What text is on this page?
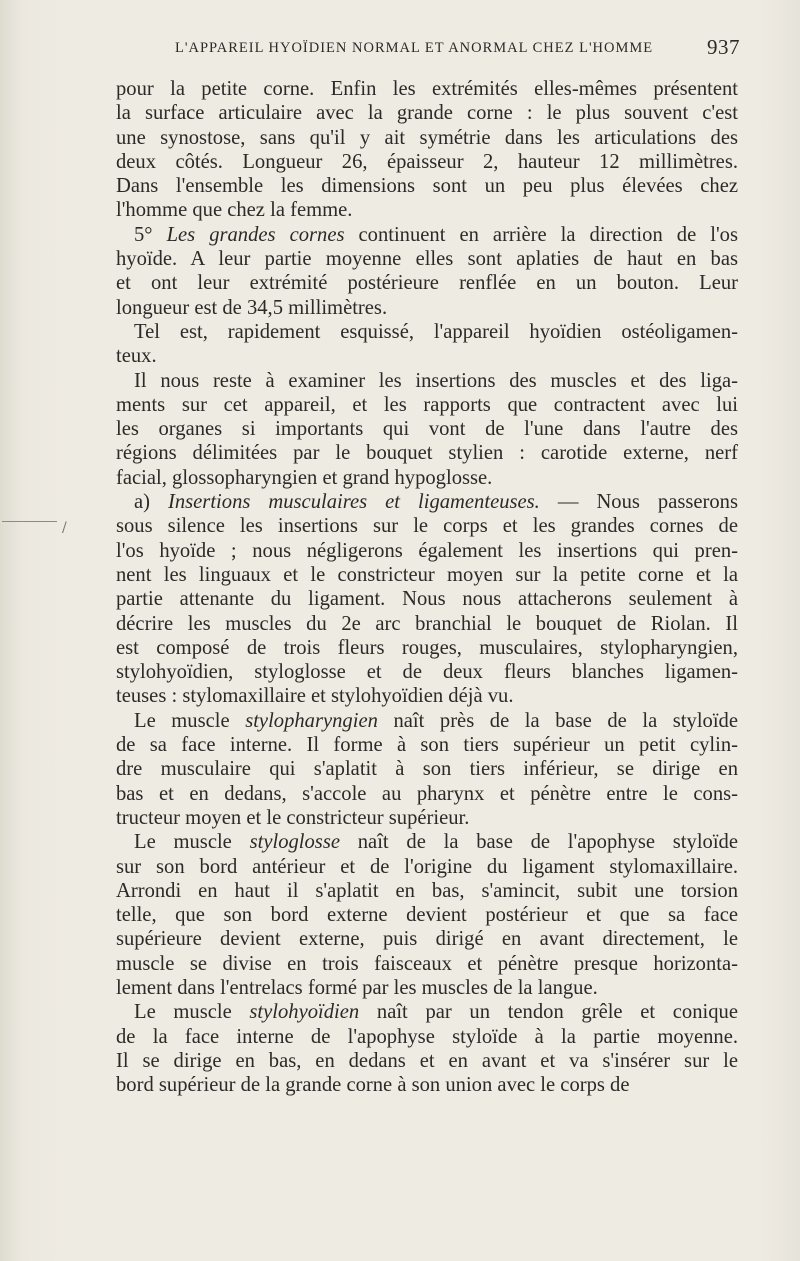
L'APPAREIL HYOÏDIEN NORMAL ET ANORMAL CHEZ L'HOMME	937
/
pour la petite corne. Enfin les extrémités elles-mêmes présentent
la surface articulaire avec la grande corne : le plus souvent c'est
une synostose, sans qu'il y ait symétrie dans les articulations des
deux côtés. Longueur 26, épaisseur 2, hauteur 12 millimètres.
Dans l'ensemble les dimensions sont un peu plus élevées chez
l'homme que chez la femme.
5° Les grandes cornes continuent en arrière la direction de l'os
hyoïde. A leur partie moyenne elles sont aplaties de haut en bas
et ont leur extrémité postérieure renflée en un bouton. Leur
longueur est de 34,5 millimètres.
Tel est, rapidement esquissé, l'appareil hyoïdien ostéoligamen-
teux.
Il nous reste à examiner les insertions des muscles et des liga-
ments sur cet appareil, et les rapports que contractent avec lui
les organes si importants qui vont de l'une dans l'autre des
régions délimitées par le bouquet stylien : carotide externe, nerf
facial, glossopharyngien et grand hypoglosse.
a) Insertions musculaires et ligamenteuses. — Nous passerons
sous silence les insertions sur le corps et les grandes cornes de
l'os hyoïde ; nous négligerons également les insertions qui pren-
nent les linguaux et le constricteur moyen sur la petite corne et la
partie attenante du ligament. Nous nous attacherons seulement à
décrire les muscles du 2e arc branchial le bouquet de Riolan. Il
est composé de trois fleurs rouges, musculaires, stylopharyngien,
stylohyoïdien, styloglosse et de deux fleurs blanches ligamen-
teuses : stylomaxillaire et stylohyoïdien déjà vu.
Le muscle stylopharyngien naît près de la base de la styloïde
de sa face interne. Il forme à son tiers supérieur un petit cylin-
dre musculaire qui s'aplatit à son tiers inférieur, se dirige en
bas et en dedans, s'accole au pharynx et pénètre entre le cons-
tructeur moyen et le constricteur supérieur.
Le muscle styloglosse naît de la base de l'apophyse styloïde
sur son bord antérieur et de l'origine du ligament stylomaxillaire.
Arrondi en haut il s'aplatit en bas, s'amincit, subit une torsion
telle, que son bord externe devient postérieur et que sa face
supérieure devient externe, puis dirigé en avant directement, le
muscle se divise en trois faisceaux et pénètre presque horizonta-
lement dans l'entrelacs formé par les muscles de la langue.
Le muscle stylohyoïdien naît par un tendon grêle et conique
de la face interne de l'apophyse styloïde à la partie moyenne.
Il se dirige en bas, en dedans et en avant et va s'insérer sur le
bord supérieur de la grande corne à son union avec le corps de
